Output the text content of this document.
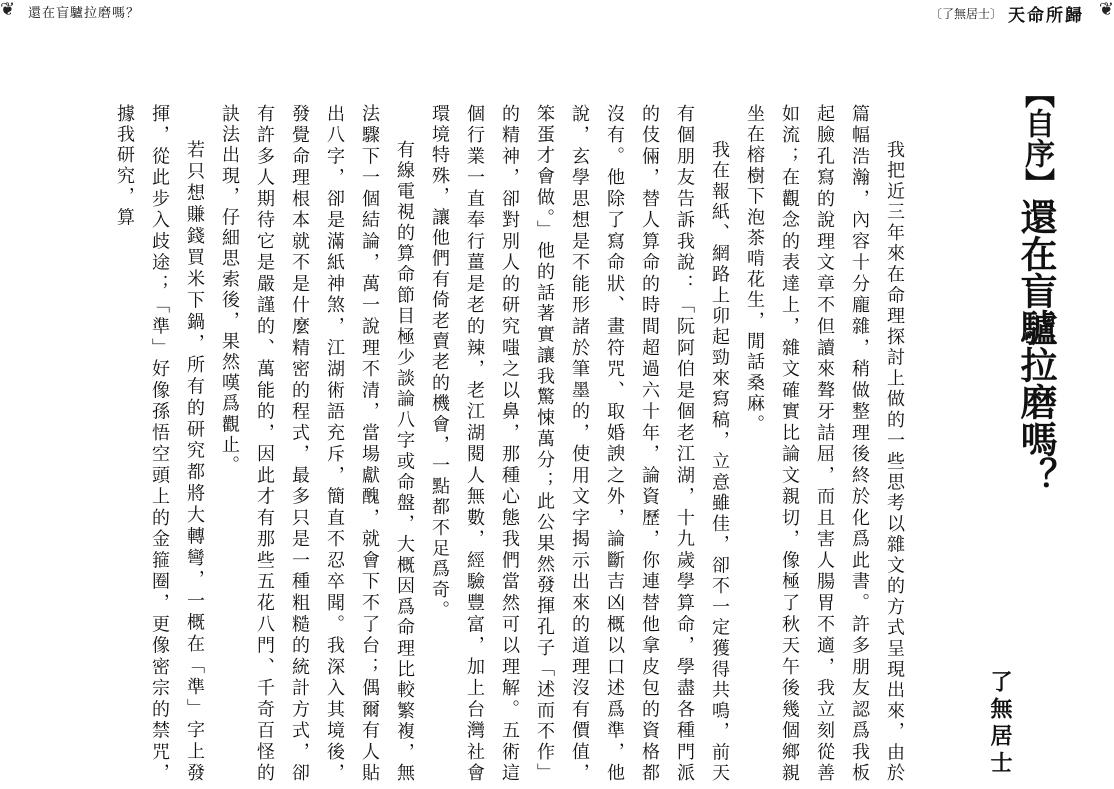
❦ 還在盲驢拉磨嗎？	〔了無居士〕 天命所歸 ❦
【自序】還在盲驢拉磨嗎？
了無居士

我把近三年來在命理探討上做的一些思考以雜文的方式呈現出來，由於篇幅浩瀚，內容十分龐雜，稍做整理後終於化爲此書。許多朋友認爲我板起臉孔寫的說理文章不但讀來聱牙詰屈，而且害人腸胃不適，我立刻從善如流；在觀念的表達上，雜文確實比論文親切，像極了秋天午後幾個鄉親坐在榕樹下泡茶啃花生，閒話桑麻。

我在報紙、網路上卯起勁來寫稿，立意雖佳，卻不一定獲得共鳴，前天有個朋友告訴我說：「阮阿伯是個老江湖，十九歲學算命，學盡各種門派的伎倆，替人算命的時間超過六十年，論資歷，你連替他拿皮包的資格都沒有。他除了寫命狀、畫符咒、取婚諛之外，論斷吉凶概以口述爲準，他說，玄學思想是不能形諸於筆墨的，使用文字揭示出來的道理沒有價值，笨蛋才會做。」他的話著實讓我驚悚萬分；此公果然發揮孔子「述而不作」的精神，卻對別人的研究嗤之以鼻，那種心態我們當然可以理解。五術這個行業一直奉行薑是老的辣，老江湖閱人無數，經驗豐富，加上台灣社會環境特殊，讓他們有倚老賣老的機會，一點都不足爲奇。

有線電視的算命節目極少談論八字或命盤，大概因爲命理比較繁複，無法驟下一個結論，萬一說理不清，當場獻醜，就會下不了台；偶爾有人貼出八字，卻是滿紙神煞，江湖術語充斥，簡直不忍卒聞。我深入其境後，發覺命理根本就不是什麼精密的程式，最多只是一種粗糙的統計方式，卻有許多人期待它是嚴謹的、萬能的，因此才有那些五花八門、千奇百怪的訣法出現，仔細思索後，果然嘆爲觀止。

若只想賺錢買米下鍋，所有的研究都將大轉彎，一概在「準」字上發揮，從此步入歧途；「準」好像孫悟空頭上的金箍圈，更像密宗的禁咒，據我研究，算
